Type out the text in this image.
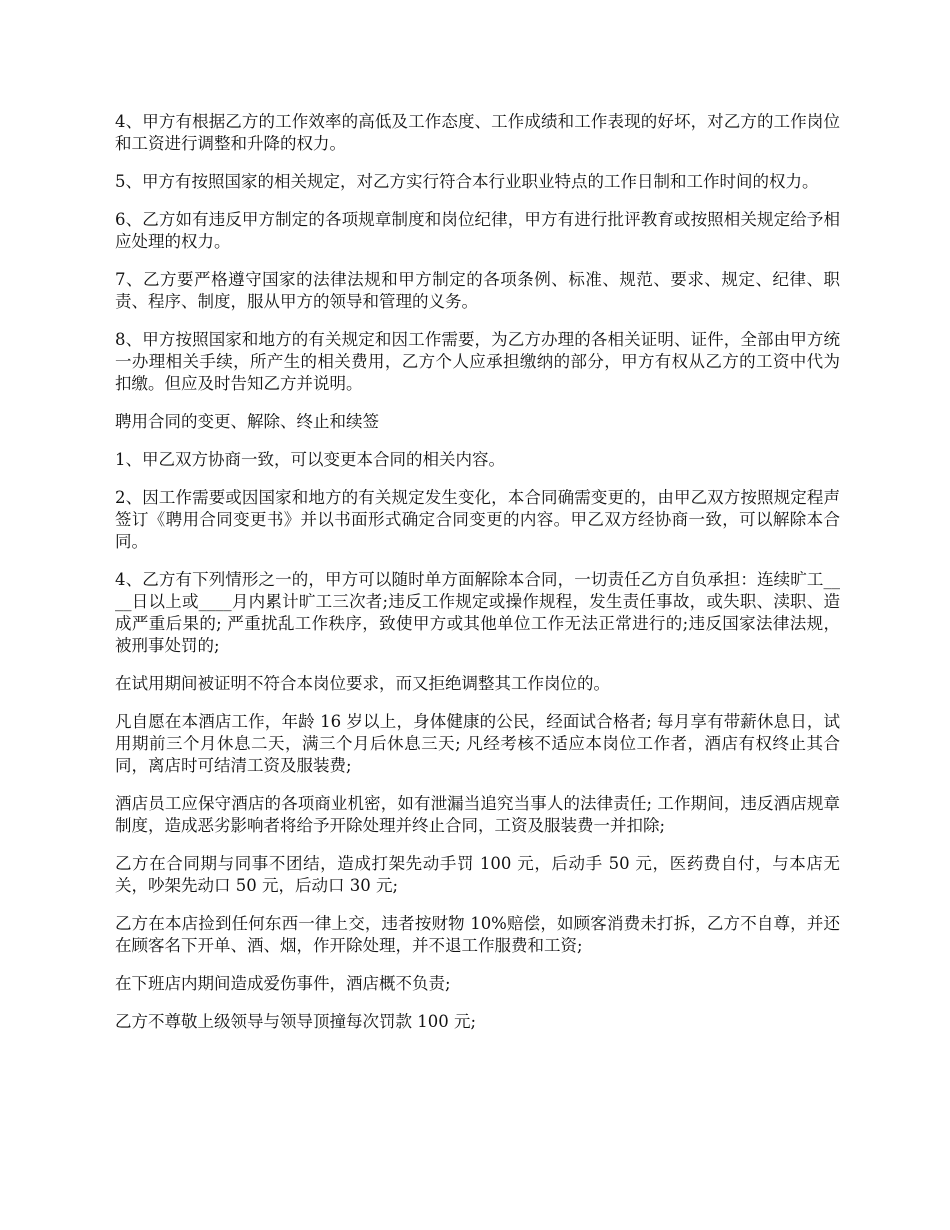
4、甲方有根据乙方的工作效率的高低及工作态度、工作成绩和工作表现的好坏，对乙方的工作岗位和工资进行调整和升降的权力。

5、甲方有按照国家的相关规定，对乙方实行符合本行业职业特点的工作日制和工作时间的权力。

6、乙方如有违反甲方制定的各项规章制度和岗位纪律，甲方有进行批评教育或按照相关规定给予相应处理的权力。

7、乙方要严格遵守国家的法律法规和甲方制定的各项条例、标准、规范、要求、规定、纪律、职责、程序、制度，服从甲方的领导和管理的义务。

8、甲方按照国家和地方的有关规定和因工作需要，为乙方办理的各相关证明、证件，全部由甲方统一办理相关手续，所产生的相关费用，乙方个人应承担缴纳的部分，甲方有权从乙方的工资中代为扣缴。但应及时告知乙方并说明。

聘用合同的变更、解除、终止和续签

1、甲乙双方协商一致，可以变更本合同的相关内容。

2、因工作需要或因国家和地方的有关规定发生变化，本合同确需变更的，由甲乙双方按照规定程声签订《聘用合同变更书》并以书面形式确定合同变更的内容。甲乙双方经协商一致，可以解除本合同。

4、乙方有下列情形之一的，甲方可以随时单方面解除本合同，一切责任乙方自负承担：连续旷工____日以上或____月内累计旷工三次者;违反工作规定或操作规程，发生责任事故，或失职、渎职、造成严重后果的; 严重扰乱工作秩序，致使甲方或其他单位工作无法正常进行的;违反国家法律法规，被刑事处罚的;

在试用期间被证明不符合本岗位要求，而又拒绝调整其工作岗位的。

凡自愿在本酒店工作，年龄 16 岁以上，身体健康的公民，经面试合格者; 每月享有带薪休息日，试用期前三个月休息二天，满三个月后休息三天; 凡经考核不适应本岗位工作者，酒店有权终止其合同，离店时可结清工资及服装费;

酒店员工应保守酒店的各项商业机密，如有泄漏当追究当事人的法律责任; 工作期间，违反酒店规章制度，造成恶劣影响者将给予开除处理并终止合同，工资及服装费一并扣除;

乙方在合同期与同事不团结，造成打架先动手罚 100 元，后动手 50 元，医药费自付，与本店无关，吵架先动口 50 元，后动口 30 元;

乙方在本店捡到任何东西一律上交，违者按财物 10%赔偿，如顾客消费未打拆，乙方不自尊，并还在顾客名下开单、酒、烟，作开除处理，并不退工作服费和工资;

在下班店内期间造成爱伤事件，酒店概不负责;

乙方不尊敬上级领导与领导顶撞每次罚款 100 元;
